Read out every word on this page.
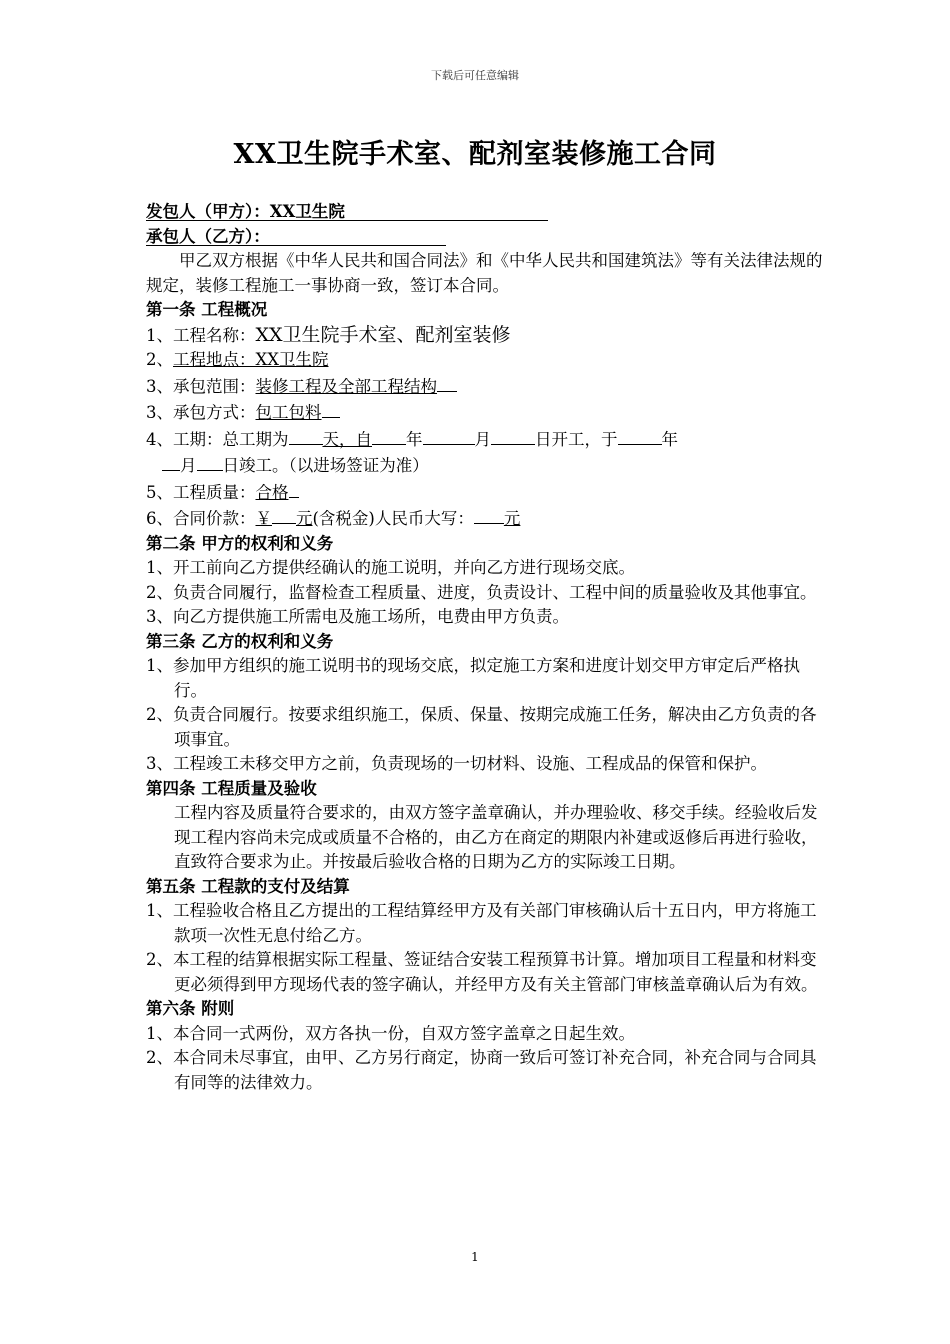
下载后可任意编辑
XX卫生院手术室、配剂室装修施工合同
发包人（甲方）：XX卫生院
承包人（乙方）：
甲乙双方根据《中华人民共和国合同法》和《中华人民共和国建筑法》等有关法律法规的规定，装修工程施工一事协商一致，签订本合同。
第一条 工程概况
1、工程名称：XX卫生院手术室、配剂室装修
2、工程地点：XX卫生院
3、承包范围：装修工程及全部工程结构
3、承包方式：包工包料
4、工期：总工期为 天，自 年	月	日开工，于	年
月 日竣工。（以进场签证为准）
5、工程质量：合格
6、合同价款：￥ 元(含税金)人民币大写： 元
第二条 甲方的权利和义务
1、开工前向乙方提供经确认的施工说明，并向乙方进行现场交底。
2、负责合同履行，监督检查工程质量、进度，负责设计、工程中间的质量验收及其他事宜。
3、向乙方提供施工所需电及施工场所，电费由甲方负责。
第三条 乙方的权利和义务
1、参加甲方组织的施工说明书的现场交底，拟定施工方案和进度计划交甲方审定后严格执行。
2、负责合同履行。按要求组织施工，保质、保量、按期完成施工任务，解决由乙方负责的各项事宜。
3、工程竣工未移交甲方之前，负责现场的一切材料、设施、工程成品的保管和保护。
第四条 工程质量及验收
工程内容及质量符合要求的，由双方签字盖章确认，并办理验收、移交手续。经验收后发现工程内容尚未完成或质量不合格的，由乙方在商定的期限内补建或返修后再进行验收，直致符合要求为止。并按最后验收合格的日期为乙方的实际竣工日期。
第五条 工程款的支付及结算
1、工程验收合格且乙方提出的工程结算经甲方及有关部门审核确认后十五日内，甲方将施工款项一次性无息付给乙方。
2、本工程的结算根据实际工程量、签证结合安装工程预算书计算。增加项目工程量和材料变更必须得到甲方现场代表的签字确认，并经甲方及有关主管部门审核盖章确认后为有效。
第六条 附则
1、本合同一式两份，双方各执一份，自双方签字盖章之日起生效。
2、本合同未尽事宜，由甲、乙方另行商定，协商一致后可签订补充合同，补充合同与合同具有同等的法律效力。
1
